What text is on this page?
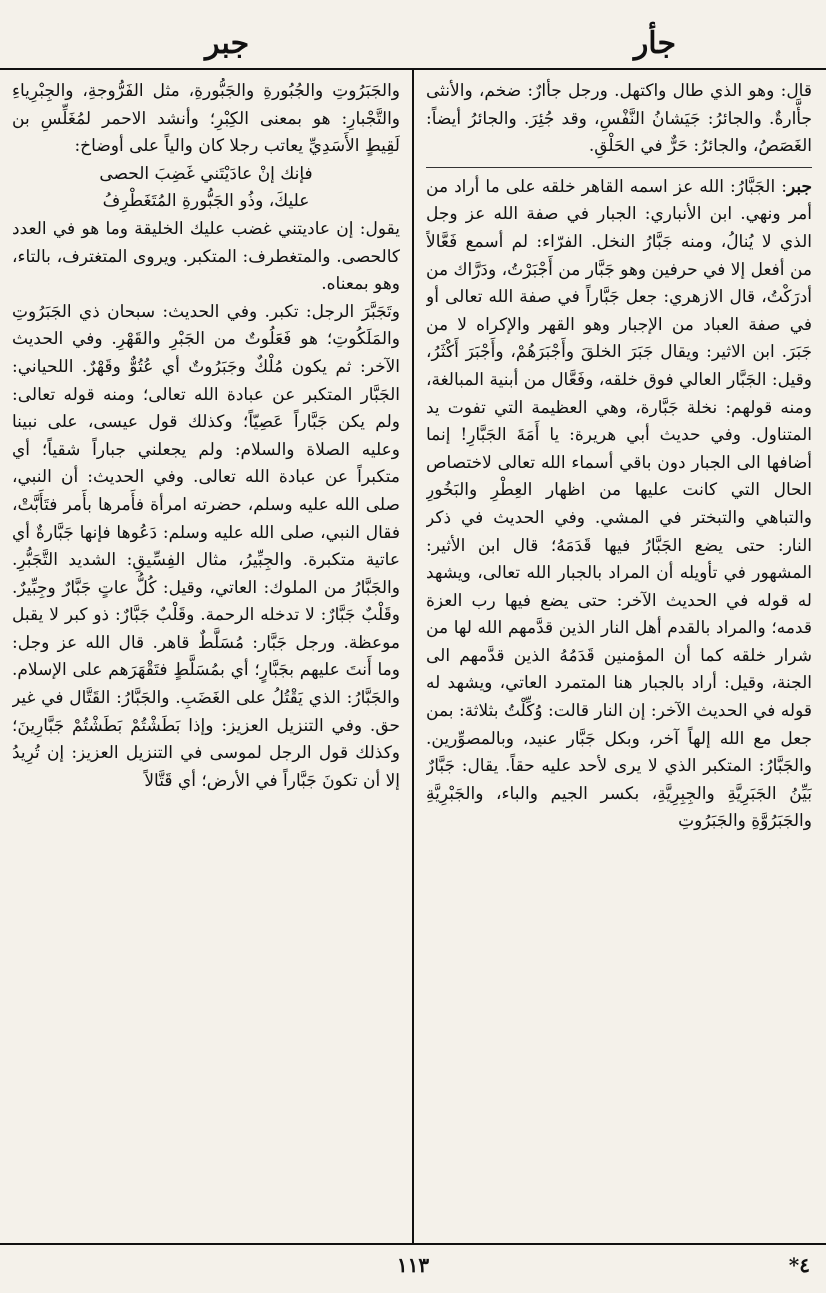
جأر
جبر

قال: وهو الذي طال واكتهل. ورجل جأَّارٌ: ضخم، والأنثى جأَّارةٌ. والجائرُ: جَيَشانُ النَّفْسِ، وقد جُئِرَ. والجائرُ أيضاً: الغَصَصُ، والجائرُ: حَرٌّ في الحَلْقِ.

جبر: الجَبَّارُ: الله عز اسمه القاهر خلقه على ما أراد من أمر ونهي. ابن الأنباري: الجبار في صفة الله عز وجل الذي لا يُنالُ، ومنه جَبَّارُ النخل. الفرّاء: لم أسمع فَعَّالاً من أفعل إلا في حرفين وهو جَبَّار من أَجْبَرْتُ، ودَرَّاك من أدرَكْتُ، قال الازهري: جعل جَبَّاراً في صفة الله تعالى أو في صفة العباد من الإجبار وهو القهر والإكراه لا من جَبَرَ. ابن الاثير: ويقال جَبَرَ الخلقَ وأَجْبَرَهُمْ، وأَجْبَرَ أَكْثَرُ، وقيل: الجَبَّار العالي فوق خلقه، وفَعَّال من أبنية المبالغة، ومنه قولهم: نخلة جَبَّارة، وهي العظيمة التي تفوت يد المتناول. وفي حديث أبي هريرة: يا أَمَةَ الجَبَّارِ! إنما أضافها الى الجبار دون باقي أسماء الله تعالى لاختصاص الحال التي كانت عليها من اظهار العِطْرِ والبَخُورِ والتباهي والتبختر في المشي. وفي الحديث في ذكر النار: حتى يضع الجَبَّارُ فيها قَدَمَهُ؛ قال ابن الأثير: المشهور في تأويله أن المراد بالجبار الله تعالى، ويشهد له قوله في الحديث الآخر: حتى يضع فيها رب العزة قدمه؛ والمراد بالقدم أهل النار الذين قدَّمهم الله لها من شرار خلقه كما أن المؤمنين قَدَمُهُ الذين قدَّمهم الى الجنة، وقيل: أراد بالجبار هنا المتمرد العاتي، ويشهد له قوله في الحديث الآخر: إن النار قالت: وُكِّلْتُ بثلاثة: بمن جعل مع الله إلهاً آخر، وبكل جَبَّار عنيد، وبالمصوِّرين. والجَبَّارُ: المتكبر الذي لا يرى لأحد عليه حقاً. يقال: جَبَّارٌ بَيِّنُ الجَبَرِيَّةِ والجِبِرِيَّةِ، بكسر الجيم والباء، والجَبْرِيَّةِ والجَبَرُوَّةِ والجَبَرُوتِ

والجَبَرُوتِ والجُبُورةِ والجَبُّورةِ، مثل الفَرُّوجةِ، والجِبْرِياءِ والتَّجْبارِ: هو بمعنى الكِبْرِ؛ وأنشد الاحمر لمُغَلِّسِ بن لَقِيطٍ الأَسَدِيِّ يعاتب رجلا كان والياً على أوضاخ:

فإنك إنْ عادَيْتَني غَضِبَ الحصى

عليكَ، وذُو الجَبُّورةِ المُتَغَطْرِفُ

يقول: إن عاديتني غضب عليك الخليقة وما هو في العدد كالحصى. والمتغطرف: المتكبر. ويروى المتغترف، بالتاء، وهو بمعناه.

وتَجَبَّرَ الرجل: تكبر. وفي الحديث: سبحان ذي الجَبَرُوتِ والمَلَكُوتِ؛ هو فَعَلُوتٌ من الجَبْرِ والقَهْرِ. وفي الحديث الآخر: ثم يكون مُلْكٌ وجَبَرُوتٌ أي عُتُوٌّ وقَهْرٌ. اللحياني: الجَبَّار المتكبر عن عبادة الله تعالى؛ ومنه قوله تعالى: ولم يكن جَبَّاراً عَصِيّاً؛ وكذلك قول عيسى، على نبينا وعليه الصلاة والسلام: ولم يجعلني جباراً شقياً؛ أي متكبراً عن عبادة الله تعالى. وفي الحديث: أن النبي، صلى الله عليه وسلم، حضرته امرأة فأَمرها بأَمر فتَأَبَّتْ، فقال النبي، صلى الله عليه وسلم: دَعُوها فإنها جَبَّارةٌ أي عاتية متكبرة. والجِبِّيرُ، مثال الفِسِّيقِ: الشديد التَّجَبُّرِ. والجَبَّارُ من الملوك: العاتي، وقيل: كُلُّ عاتٍ جَبَّارٌ وجِبِّيرٌ. وقَلْبٌ جَبَّارٌ: لا تدخله الرحمة. وقَلْبٌ جَبَّارٌ: ذو كبر لا يقبل موعظة. ورجل جَبَّار: مُسَلَّطٌ قاهر. قال الله عز وجل: وما أَنتَ عليهم بجَبَّارٍ؛ أي بمُسَلَّطٍ فتَقْهَرَهم على الإسلام. والجَبَّارُ: الذي يَقْتُلُ على الغَضَبِ. والجَبَّارُ: القَتَّال في غير حق. وفي التنزيل العزيز: وإذا بَطَشْتُمْ بَطَشْتُمْ جَبَّارِينَ؛ وكذلك قول الرجل لموسى في التنزيل العزيز: إن تُرِيدُ إلا أن تكونَ جَبَّاراً في الأرض؛ أي قَتَّالاً

١١٣	*٤
